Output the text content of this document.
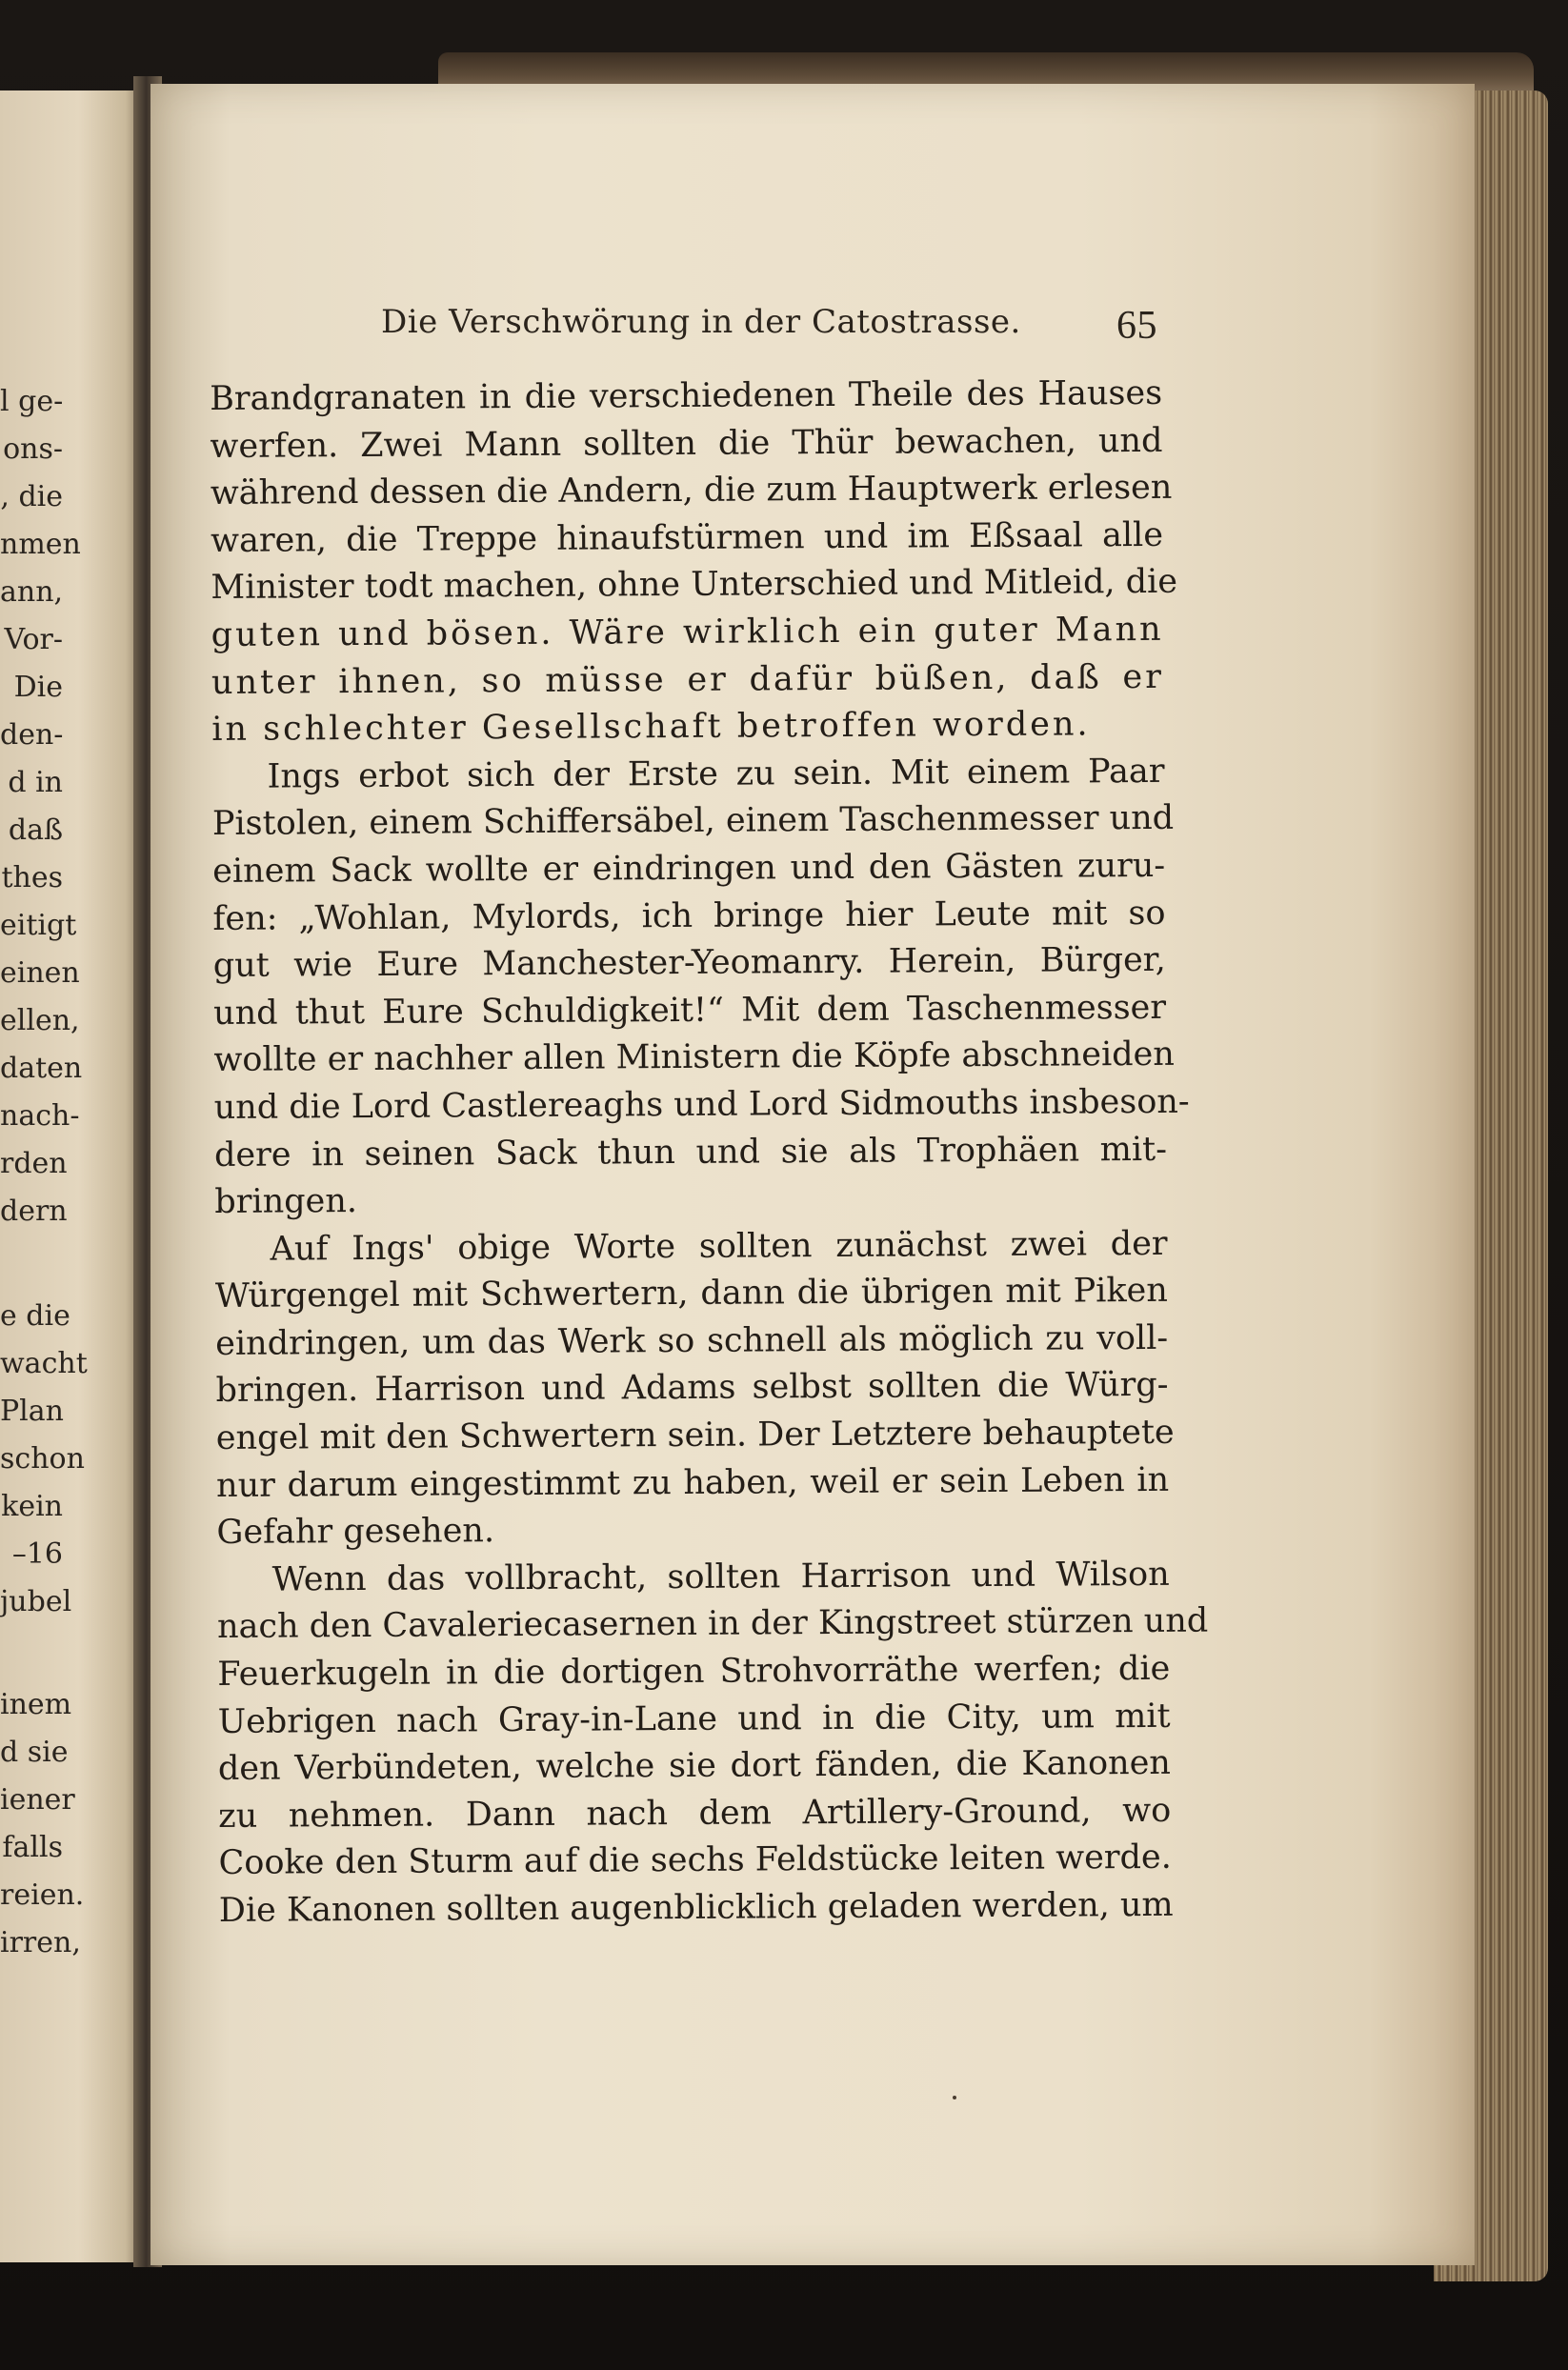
l ge-
ons-
, die
nmen
ann,
Vor-
Die
den-
d in
daß
thes
eitigt
einen
ellen,
daten
nach-
rden
dern
e die
wacht
Plan
schon
kein
–16
jubel
inem
d sie
iener
falls
reien.
irren,
Die Verschwörung in der Catostrasse. 65
Brandgranaten in die verschiedenen Theile des Hauses
werfen. Zwei Mann sollten die Thür bewachen, und
während dessen die Andern, die zum Hauptwerk erlesen
waren, die Treppe hinaufstürmen und im Eßsaal alle
Minister todt machen, ohne Unterschied und Mitleid, die
guten und bösen. Wäre wirklich ein guter Mann
unter ihnen, so müsse er dafür büßen, daß er
in schlechter Gesellschaft betroffen worden.
Ings erbot sich der Erste zu sein. Mit einem Paar
Pistolen, einem Schiffersäbel, einem Taschenmesser und
einem Sack wollte er eindringen und den Gästen zuru-
fen: „Wohlan, Mylords, ich bringe hier Leute mit so
gut wie Eure Manchester-Yeomanry. Herein, Bürger,
und thut Eure Schuldigkeit!“ Mit dem Taschenmesser
wollte er nachher allen Ministern die Köpfe abschneiden
und die Lord Castlereaghs und Lord Sidmouths insbeson-
dere in seinen Sack thun und sie als Trophäen mit-
bringen.
Auf Ings' obige Worte sollten zunächst zwei der
Würgengel mit Schwertern, dann die übrigen mit Piken
eindringen, um das Werk so schnell als möglich zu voll-
bringen. Harrison und Adams selbst sollten die Würg-
engel mit den Schwertern sein. Der Letztere behauptete
nur darum eingestimmt zu haben, weil er sein Leben in
Gefahr gesehen.
Wenn das vollbracht, sollten Harrison und Wilson
nach den Cavaleriecasernen in der Kingstreet stürzen und
Feuerkugeln in die dortigen Strohvorräthe werfen; die
Uebrigen nach Gray-in-Lane und in die City, um mit
den Verbündeten, welche sie dort fänden, die Kanonen
zu nehmen. Dann nach dem Artillery-Ground, wo
Cooke den Sturm auf die sechs Feldstücke leiten werde.
Die Kanonen sollten augenblicklich geladen werden, um
